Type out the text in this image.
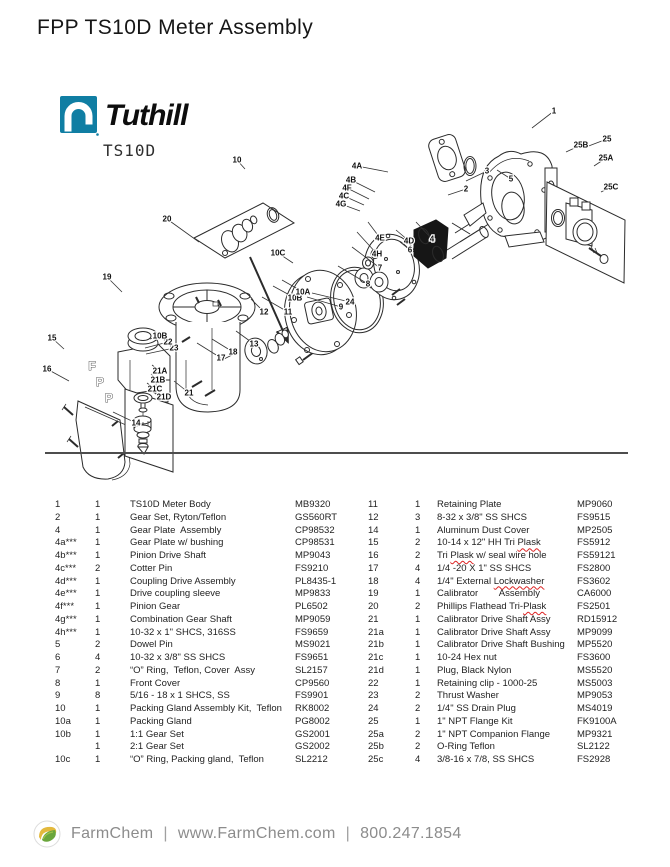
FPP TS10D Meter Assembly
Tuthill
TS10D
10
20
19
15
16
14
13
18
17
12 11
10B
10A
10C
9
24
8
7
4H
4E 4D
6
4
4G
4C
4F
4B
4A
2
3
5
1
25
25B
25A
25C
21
21D
21C
21B
21A
23
22
10B
F
P
P
1	1	TS10D Meter Body	MB9320
2	1	Gear Set, Ryton/Teflon	GS560RT
4	1	Gear Plate  Assembly	CP98532
4a***	1	Gear Plate w/ bushing	CP98531
4b***	1	Pinion Drive Shaft	MP9043
4c***	2	Cotter Pin	FS9210
4d***	1	Coupling Drive Assembly	PL8435-1
4e***	1	Drive coupling sleeve	MP9833
4f***	1	Pinion Gear	PL6502
4g***	1	Combination Gear Shaft	MP9059
4h***	1	10-32 x 1" SHCS, 316SS	FS9659
5	2	Dowel Pin	MS9021
6	4	10-32 x 3/8" SS SHCS	FS9651
7	2	“O” Ring,  Teflon, Cover  Assy	SL2157
8	1	Front Cover	CP9560
9	8	5/16 - 18 x 1 SHCS, SS	FS9901
10	1	Packing Gland Assembly Kit,  Teflon	RK8002
10a	1	Packing Gland	PG8002
10b	1	1:1 Gear Set	GS2001
1	2:1 Gear Set	GS2002
10c	1	“O” Ring, Packing gland,  Teflon	SL2212
11	1	Retaining Plate	MP9060
12	3	8-32 x 3/8" SS SHCS	FS9515
14	1	Aluminum Dust Cover	MP2505
15	2	10-14 x 12" HH Tri Plask	FS5912
16	2	Tri Plask w/ seal wire hole	FS59121
17	4	1/4 -20 X 1" SS SHCS	FS2800
18	4	1/4" External Lockwasher	FS3602
19	1	Calibrator        Assembly	CA6000
20	2	Phillips Flathead Tri-Plask	FS2501
21	1	Calibrator Drive Shaft Assy	RD15912
21a	1	Calibrator Drive Shaft Assy	MP9099
21b	1	Calibrator Drive Shaft Bushing	MP5520
21c	1	10-24 Hex nut	FS3600
21d	1	Plug, Black Nylon	MS5520
22	1	Retaining clip - 1000-25	MS5003
23	2	Thrust Washer	MP9053
24	2	1/4" SS Drain Plug	MS4019
25	1	1" NPT Flange Kit	FK9100A
25a	2	1" NPT Companion Flange	MP9321
25b	2	O-Ring Teflon	SL2122
25c	4	3/8-16 x 7/8, SS SHCS	FS2928
FarmChem | www.FarmChem.com | 800.247.1854
